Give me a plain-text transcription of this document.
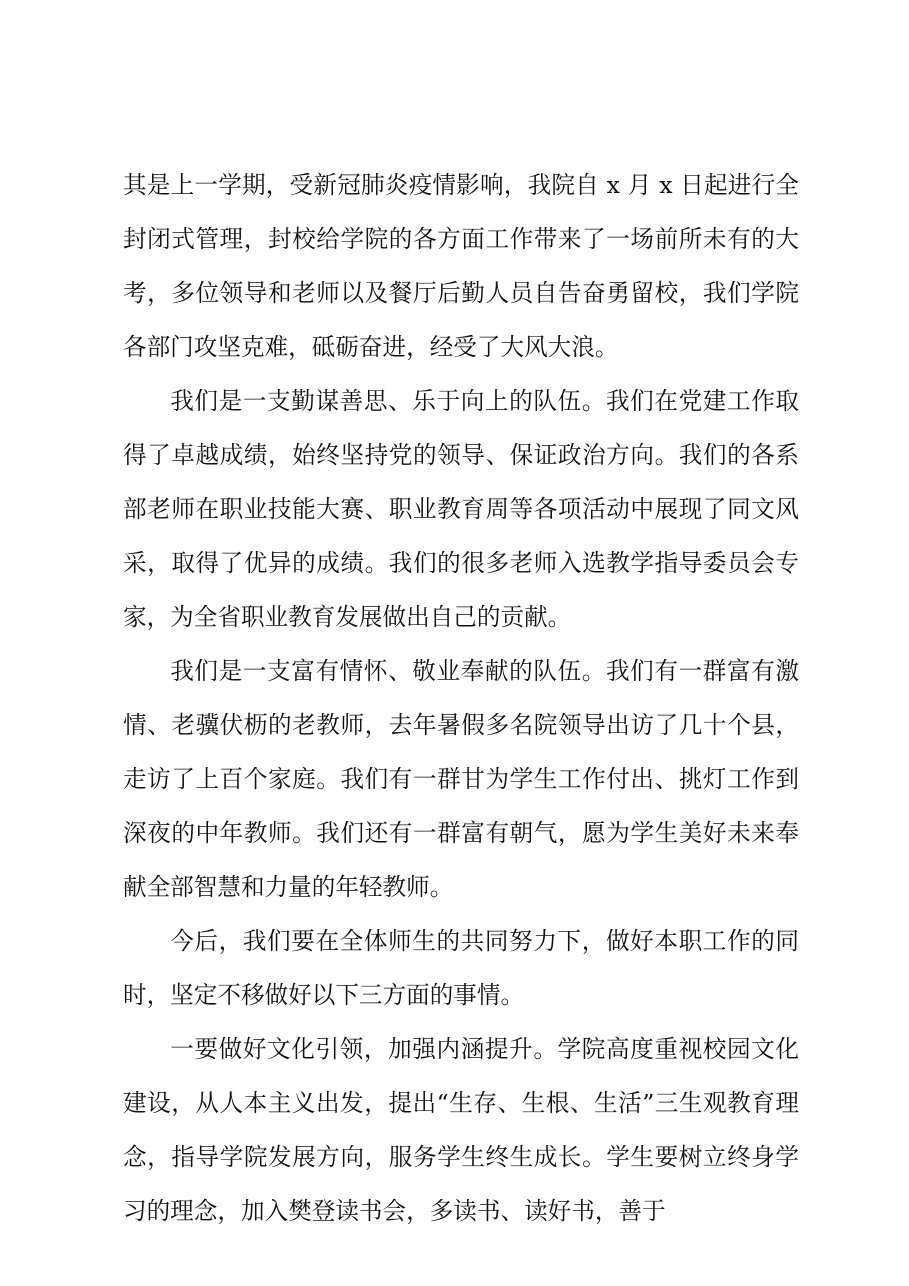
其是上一学期，受新冠肺炎疫情影响，我院自 x 月 x 日起进行全封闭式管理，封校给学院的各方面工作带来了一场前所未有的大考，多位领导和老师以及餐厅后勤人员自告奋勇留校，我们学院各部门攻坚克难，砥砺奋进，经受了大风大浪。

我们是一支勤谋善思、乐于向上的队伍。我们在党建工作取得了卓越成绩，始终坚持党的领导、保证政治方向。我们的各系部老师在职业技能大赛、职业教育周等各项活动中展现了同文风采，取得了优异的成绩。我们的很多老师入选教学指导委员会专家，为全省职业教育发展做出自己的贡献。

我们是一支富有情怀、敬业奉献的队伍。我们有一群富有激情、老骥伏枥的老教师，去年暑假多名院领导出访了几十个县，走访了上百个家庭。我们有一群甘为学生工作付出、挑灯工作到深夜的中年教师。我们还有一群富有朝气，愿为学生美好未来奉献全部智慧和力量的年轻教师。

今后，我们要在全体师生的共同努力下，做好本职工作的同时，坚定不移做好以下三方面的事情。

一要做好文化引领，加强内涵提升。学院高度重视校园文化建设，从人本主义出发，提出“生存、生根、生活”三生观教育理念，指导学院发展方向，服务学生终生成长。学生要树立终身学习的理念，加入樊登读书会，多读书、读好书，善于
